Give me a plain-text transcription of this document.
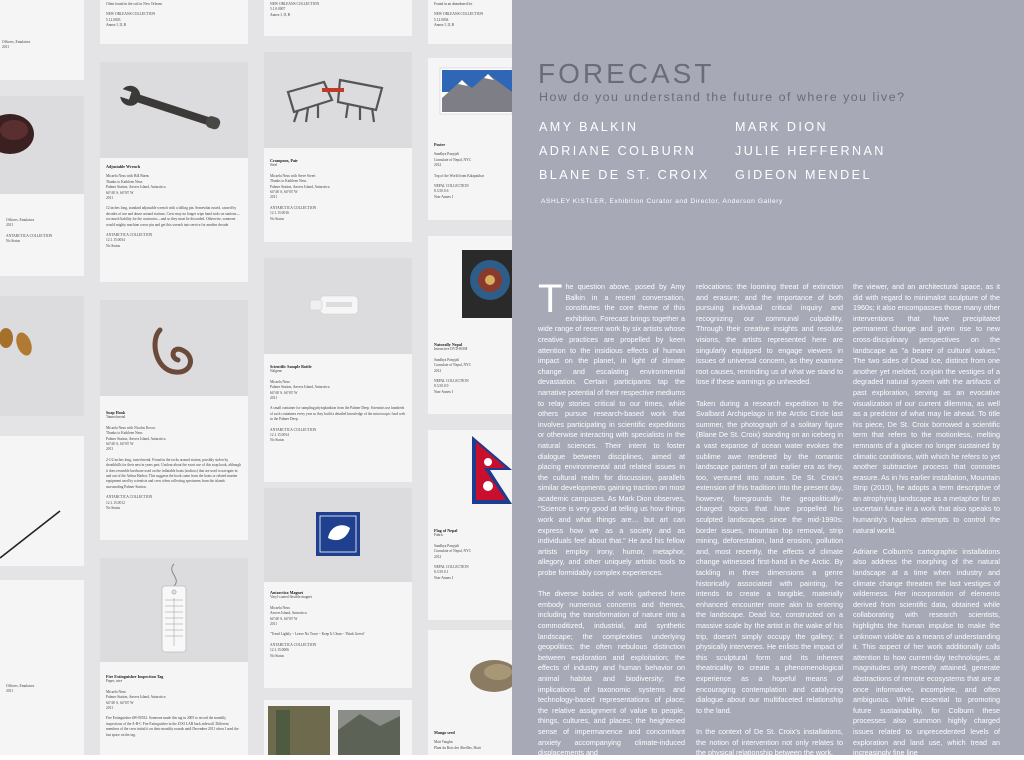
Officers, Emulators
2011
ANTARCTICA COLLECTION
No Status
Officers, Emulators
2011
Officers, Emulators
2011
Often found in the soil in New Orleans
NEW ORLEANS COLLECTION
5.12.0003
Annex I, II, B
Adjustable Wrench
Micaela Neus with Bill Burns
Thanks to Kathleen Neus
Palmer Station, Anvers Island, Antarctica
64°46' S, 64°03' W
2011
12 inches long, standard adjustable wrench with a falling pin. Somewhat rusted, caused by decades of use and abuse around stations. Crew may no longer wipe hand tools on stations—too much liability for the contractor—and so they must be discarded. Otherwise, someone would mighty machine a new pin and get this wrench into service for another decade.
ANTARCTICA COLLECTION
12.1.15.0034
No Status
Soap Hook
Tanned metal
Micaela Neus with Nicolas Kovac
Thanks to Kathleen Neus
Palmer Station, Anvers Island, Antarctica
64°46' S, 64°03' W
2011
2-1/2 inches long, rusted metal. Found in the rocks around station, possibly stolen by sheathbills for their nest in years past. Unclear about the exact use of this soap hook, although it does resemble hardware used on the inflatable boats (zodiacs) that are used to navigate in and out of the Arthur Harbor. This suggests the hook came from the boats or related marine equipment used by scientists and crew when collecting specimens from the islands surrounding Palmer Station.
ANTARCTICA COLLECTION
12.1.15.0012
No Status
Fire Extinguisher Inspection Tag
Paper, wire
Micaela Neus
Palmer Station, Anvers Island, Antarctica
64°46' S, 64°03' W
2011
Fire Extinguisher #W-00532. Someone made this tag in 2005 to record the monthly inspections of the A-B-C Fire Extinguisher in the ZOO LAB back sidewall. Different members of the crew initial it on their monthly rounds until December 2011 when I used the last space on the tag.
NEW ORLEANS COLLECTION
5.1.0.0007
Annex I, II, B
Crampons, Pair
Steel
Micaela Neus with Steve Sivert
Thanks to Kathleen Neus
Palmer Station, Anvers Island, Antarctica
64°46' S, 64°03' W
2011
ANTARCTICA COLLECTION
12.1.15.0016
No Status
Scientific Sample Bottle
Nalgene
Micaela Neus
Palmer Station, Anvers Island, Antarctica
64°46' S, 64°03' W
2011
A small container for sampling phytoplankton from the Palmer Deep. Scientists use hundreds of such containers every year so they build a detailed knowledge of the microscopic food web in the Palmer Deep.
ANTARCTICA COLLECTION
12.1.15.0034
No Status
Antarctica Magnet
Vinyl-coated flexible magnet
Micaela Neus
Anvers Island, Antarctica
64°46' S, 64°03' W
2011
"Tread Lightly ~ Leave No Trace ~ Keep It Clean ~ Think Green"
ANTARCTICA COLLECTION
12.1.15.0006
No Status
Found in an abandoned lot
NEW ORLEANS COLLECTION
5.12.0004
Annex I, II, B
Poster
Sandhya Panyjali
Consulate of Nepal, NYC
2012
Top of the World from Kalapatthar
NEPAL COLLECTION
8.3.50.0.6
Non-Annex I
Naturally Nepal
Interactive DVD-ROM
Sandhya Panyjali
Consulate of Nepal, NYC
2012
NEPAL COLLECTION
8.3.50.0.9
Non-Annex I
Flag of Nepal
Fabric
Sandhya Panyjali
Consulate of Nepal, NYC
2012
NEPAL COLLECTION
8.3.50.0.1
Non-Annex I
Mango seed
Matt Vaughn
Plant du Bois des Abeilles, Haiti
FORECAST
How do you understand the future of where you live?
AMY BALKIN
ADRIANE COLBURN
BLANE DE ST. CROIX
MARK DION
JULIE HEFFERNAN
GIDEON MENDEL
ASHLEY KISTLER, Exhibition Curator and Director, Anderson Gallery

The question above, posed by Amy Balkin in a recent conversation, constitutes the core theme of this exhibition. Forecast brings together a wide range of recent work by six artists whose creative practices are propelled by keen attention to the insidious effects of human impact on the planet, in light of climate change and escalating environmental devastation. Certain participants tap the narrative potential of their respective mediums to relay stories critical to our times, while others pursue research-based work that involves participating in scientific expeditions or otherwise interacting with specialists in the natural sciences. Their intent to foster dialogue between disciplines, aimed at placing environmental and related issues in the cultural realm for discussion, parallels similar developments gaining traction on most academic campuses. As Mark Dion observes, "Science is very good at telling us how things work and what things are… but art can express how we as a society and as individuals feel about that." He and his fellow artists employ irony, humor, metaphor, allegory, and other uniquely artistic tools to probe formidably complex experiences.

The diverse bodies of work gathered here embody numerous concerns and themes, including the transformation of nature into a commoditized, industrial, and synthetic landscape; the complexities underlying geopolitics; the often nebulous distinction between exploration and exploitation; the effects of industry and human behavior on animal habitat and biodiversity; the implications of taxonomic systems and technology-based representations of place; the relative assignment of value to people, things, cultures, and places; the heightened sense of impermanence and concomitant anxiety accompanying climate-induced displacements and

relocations; the looming threat of extinction and erasure; and the importance of both pursuing individual critical inquiry and recognizing our communal culpability. Through their creative insights and resolute visions, the artists represented here are singularly equipped to engage viewers in issues of universal concern, as they examine root causes, reminding us of what we stand to lose if these warnings go unheeded.

Taken during a research expedition to the Svalbard Archipelago in the Arctic Circle last summer, the photograph of a solitary figure (Blane De St. Croix) standing on an iceberg in a vast expanse of ocean water evokes the sublime awe rendered by the romantic landscape painters of an earlier era as they, too, ventured into nature. De St. Croix's extension of this tradition into the present day, however, foregrounds the geopolitically-charged topics that have propelled his sculpted landscapes since the mid-1990s: border issues, mountain top removal, strip mining, deforestation, land erosion, pollution and, most recently, the effects of climate change witnessed first-hand in the Arctic. By tackling in three dimensions a genre historically associated with painting, he intends to create a tangible, materially enhanced encounter more akin to entering the landscape. Dead Ice, constructed on a massive scale by the artist in the wake of his trip, doesn't simply occupy the gallery; it physically intervenes. He enlists the impact of this sculptural form and its inherent theatricality to create a phenomenological experience as a hopeful means of encouraging contemplation and catalyzing dialogue about our multifaceted relationship to the land.

In the context of De St. Croix's installations, the notion of intervention not only relates to the physical relationship between the work,

the viewer, and an architectural space, as it did with regard to minimalist sculpture of the 1960s; it also encompasses those many other interventions that have precipitated permanent change and given rise to new cross-disciplinary perspectives on the landscape as "a bearer of cultural values." The two sides of Dead Ice, distinct from one another yet melded, conjoin the vestiges of a degraded natural system with the artifacts of past exploration, serving as an evocative visualization of our current dilemma, as well as a predictor of what may lie ahead. To title his piece, De St. Croix borrowed a scientific term that refers to the motionless, melting remnants of a glacier no longer sustained by climatic conditions, with which he refers to yet another subtractive process that connotes erasure. As in his earlier installation, Mountain Strip (2010), he adopts a term descriptive of an atrophying landscape as a metaphor for an uncertain future in a work that also speaks to humanity's hapless attempts to control the natural world.

Adriane Colburn's cartographic installations also address the morphing of the natural landscape at a time when industry and climate change threaten the last vestiges of wilderness. Her incorporation of elements derived from scientific data, obtained while collaborating with research scientists, highlights the human impulse to make the unknown visible as a means of understanding it. This aspect of her work additionally calls attention to how current-day technologies, at magnitudes only recently attained, generate abstractions of remote ecosystems that are at once informative, incomplete, and often ambiguous. While essential to promoting future sustainability, for Colburn these processes also summon highly charged issues related to unprecedented levels of exploration and land use, which tread an increasingly fine line
